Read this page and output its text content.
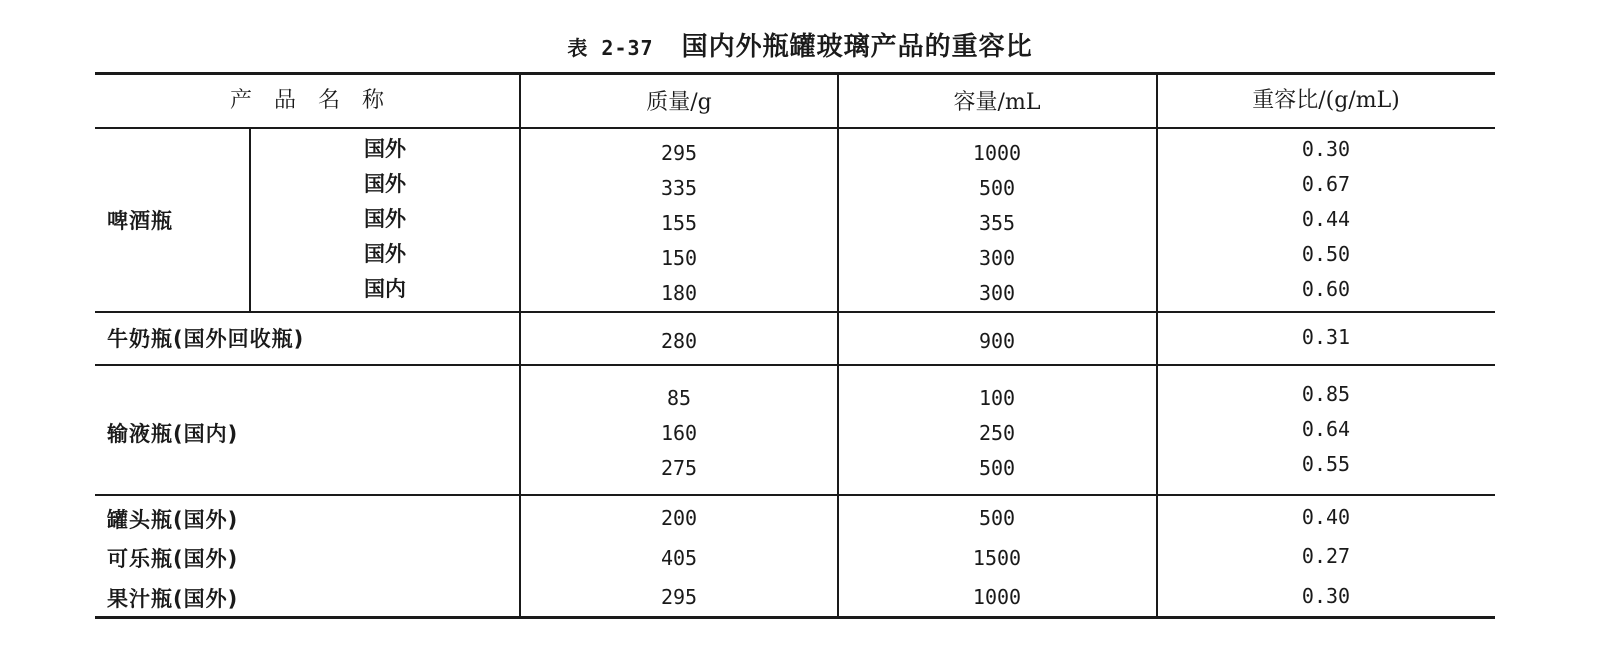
表 2-37 国内外瓶罐玻璃产品的重容比
产　品　名　称	质量/g	容量/mL	重容比/(g/mL)
啤酒瓶
国外	295	1000	0.30
国外	335	500	0.67
国外	155	355	0.44
国外	150	300	0.50
国内	180	300	0.60
牛奶瓶(国外回收瓶)	280	900	0.31
输液瓶(国内)
85	100	0.85
160	250	0.64
275	500	0.55
罐头瓶(国外)	200	500	0.40
可乐瓶(国外)	405	1500	0.27
果汁瓶(国外)	295	1000	0.30
